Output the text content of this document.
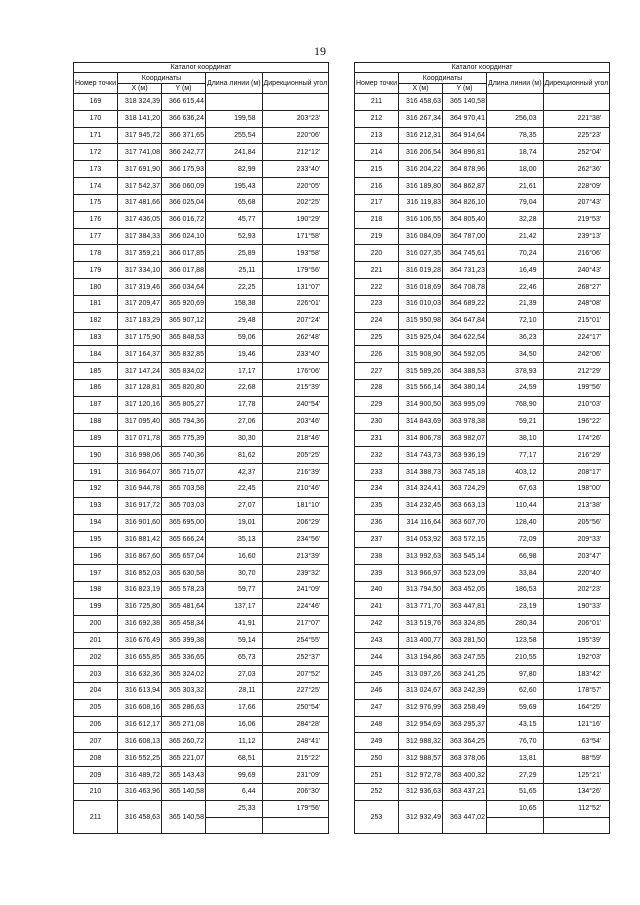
19
Каталог координат				
Номер точки	Координаты		Длина линии (м)	Дирекционный угол
	X (м)	Y (м)		
169	318 324,39	366 615,44		
			199,58	203°23'
170	318 141,20	366 636,24		
			255,54	220°06'
171	317 945,72	366 371,65		
			241,84	212°12'
172	317 741,08	366 242,77		
			82,99	233°40'
173	317 691,90	366 175,93		
			195,43	220°05'
174	317 542,37	366 060,09		
			65,68	202°25'
175	317 481,66	366 025,04		
			45,77	190°29'
176	317 436,05	366 016,72		
			52,93	171°58'
177	317 384,33	366 024,10		
			25,89	193°58'
178	317 359,21	366 017,85		
			25,11	179°56'
179	317 334,10	366 017,88		
			22,25	131°07'
180	317 319,46	366 034,64		
			158,38	226°01'
181	317 209,47	365 920,69		
			29,48	207°24'
182	317 183,29	365 907,12		
			59,06	262°48'
183	317 175,90	365 848,53		
			19,46	233°40'
184	317 164,37	365 832,85		
			17,17	176°06'
185	317 147,24	365 834,02		
			22,68	215°39'
186	317 128,81	365 820,80		
			17,78	240°54'
187	317 120,16	365 805,27		
			27,06	203°46'
188	317 095,40	365 794,36		
			30,30	218°46'
189	317 071,78	365 775,39		
			81,62	205°25'
190	316 998,06	365 740,36		
			42,37	216°39'
191	316 964,07	365 715,07		
			22,45	210°46'
192	316 944,78	365 703,58		
			27,07	181°10'
193	316 917,72	365 703,03		
			19,01	206°29'
194	316 901,60	365 695,00		
			35,13	234°56'
195	316 881,42	365 666,24		
			16,60	213°39'
196	316 867,60	365 657,04		
			30,70	239°32'
197	316 852,03	365 630,58		
			59,77	241°09'
198	316 823,19	365 578,23		
			137,17	224°46'
199	316 725,80	365 481,64		
			41,91	217°07'
200	316 692,38	365 458,34		
			59,14	254°55'
201	316 676,49	365 399,38		
			65,73	252°37'
202	316 655,85	365 336,65		
			27,03	207°52'
203	316 632,36	365 324,02		
			28,11	227°25'
204	316 613,94	365 303,32		
			17,66	250°54'
205	316 608,16	365 286,63		
			16,06	284°28'
206	316 612,17	365 271,08		
			11,12	248°41'
207	316 608,13	365 260,72		
			68,51	215°22'
208	316 552,25	365 221,07		
			99,69	231°09'
209	316 489,72	365 143,43		
			6,44	206°30'
210	316 463,96	365 140,58		
			25,33	179°56'
211	316 458,63	365 140,58		

Каталог координат				
Номер точки	Координаты		Длина линии (м)	Дирекционный угол
	X (м)	Y (м)		
211	316 458,63	365 140,58		
			256,03	221°38'
212	316 267,34	364 970,41		
			78,35	225°23'
213	316 212,31	364 914,64		
			18,74	252°04'
214	316 206,54	364 896,81		
			18,00	262°36'
215	316 204,22	364 878,96		
			21,61	228°09'
216	316 189,80	364 862,87		
			79,04	207°43'
217	316 119,83	364 826,10		
			32,28	219°53'
218	316 106,55	364 805,40		
			21,42	239°13'
219	316 084,09	364 787,00		
			70,24	216°06'
220	316 027,35	364 745,61		
			16,49	240°43'
221	316 019,28	364 731,23		
			22,46	268°27'
222	316 018,69	364 708,78		
			21,39	248°08'
223	316 010,03	364 689,22		
			72,10	215°01'
224	315 950,98	364 647,84		
			36,23	224°17'
225	315 925,04	364 622,54		
			34,50	242°06'
226	315 908,90	364 592,05		
			378,93	212°29'
227	315 589,26	364 388,53		
			24,59	199°56'
228	315 566,14	364 380,14		
			768,90	210°03'
229	314 900,50	363 995,09		
			59,21	196°22'
230	314 843,69	363 978,38		
			38,10	174°26'
231	314 806,78	363 982,07		
			77,17	216°29'
232	314 743,73	363 936,19		
			403,12	208°17'
233	314 388,73	363 745,18		
			67,63	198°00'
234	314 324,41	363 724,29		
			110,44	213°38'
235	314 232,45	363 663,13		
			128,40	205°56'
236	314 116,64	363 607,70		
			72,09	209°33'
237	314 053,92	363 572,15		
			66,98	203°47'
238	313 992,63	363 545,14		
			33,84	220°40'
239	313 966,97	363 523,09		
			186,53	202°23'
240	313 794,50	363 452,05		
			23,19	190°33'
241	313 771,70	363 447,81		
			280,34	206°01'
242	313 519,76	363 324,85		
			123,58	195°39'
243	313 400,77	363 281,50		
			210,55	192°03'
244	313 194,86	363 247,55		
			97,80	183°42'
245	313 097,26	363 241,25		
			62,60	178°57'
246	313 024,67	363 242,39		
			59,69	164°25'
247	312 976,99	363 258,49		
			43,15	121°16'
248	312 954,69	363 295,37		
			76,70	63°54'
249	312 988,32	363 364,25		
			13,81	88°59'
250	312 988,57	363 378,06		
			27,29	125°21'
251	312 972,78	363 400,32		
			51,65	134°26'
252	312 936,63	363 437,21		
			10,65	112°52'
253	312 932,49	363 447,02		
